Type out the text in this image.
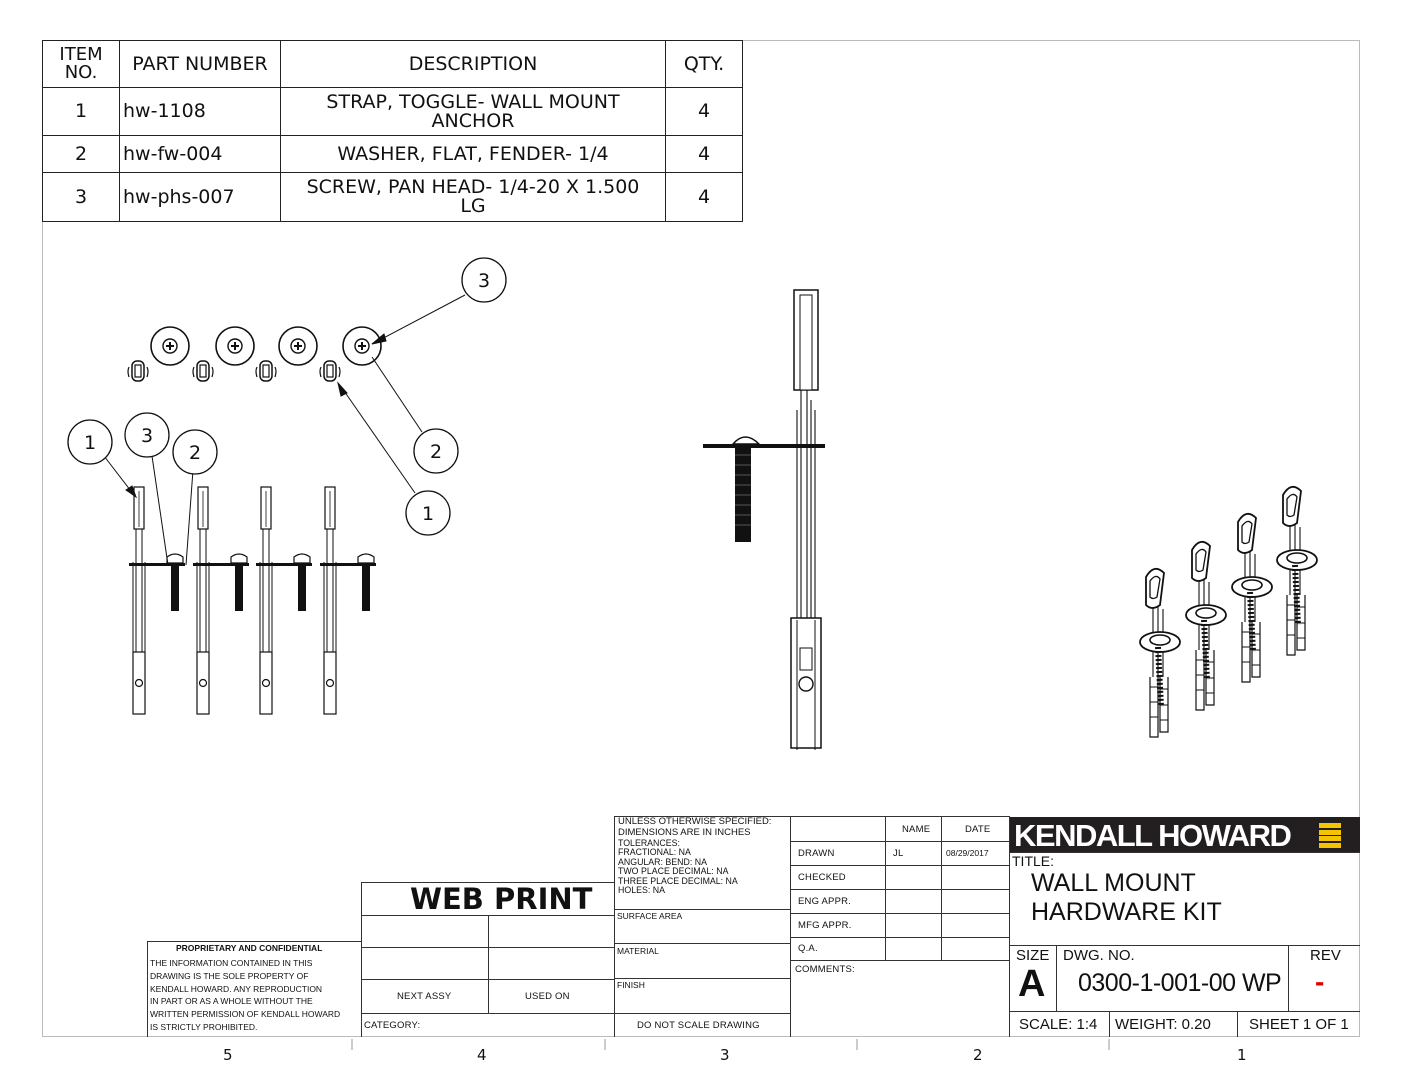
ITEM NO.	PART NUMBER	DESCRIPTION	QTY.
1	hw-1108	STRAP, TOGGLE- WALL MOUNT ANCHOR	4
2	hw-fw-004	WASHER, FLAT, FENDER- 1/4	4
3	hw-phs-007	SCREW, PAN HEAD- 1/4-20 X 1.500 LG	4
3
2
1
1 3
2
PROPRIETARY AND CONFIDENTIAL
THE INFORMATION CONTAINED IN THIS
DRAWING IS THE SOLE PROPERTY OF
KENDALL HOWARD. ANY REPRODUCTION
IN PART OR AS A WHOLE WITHOUT THE
WRITTEN PERMISSION OF KENDALL HOWARD
IS STRICTLY PROHIBITED.
WEB PRINT
NEXT ASSY	USED ON
CATEGORY:
UNLESS OTHERWISE SPECIFIED:
DIMENSIONS ARE IN INCHES
TOLERANCES:
FRACTIONAL: NA
ANGULAR: BEND: NA
TWO PLACE DECIMAL: NA
THREE PLACE DECIMAL: NA
HOLES: NA
SURFACE AREA
MATERIAL
FINISH
DO NOT SCALE DRAWING
NAME	DATE
DRAWN	JL	08/29/2017
CHECKED
ENG APPR.
MFG APPR.
Q.A.
COMMENTS:
KENDALL HOWARD
TITLE:
WALL MOUNT
HARDWARE KIT
SIZE
A
DWG. NO.
0300-1-001-00 WP
REV
-
SCALE: 1:4 WEIGHT: 0.20	SHEET 1 OF 1
5	4	3	2	1
